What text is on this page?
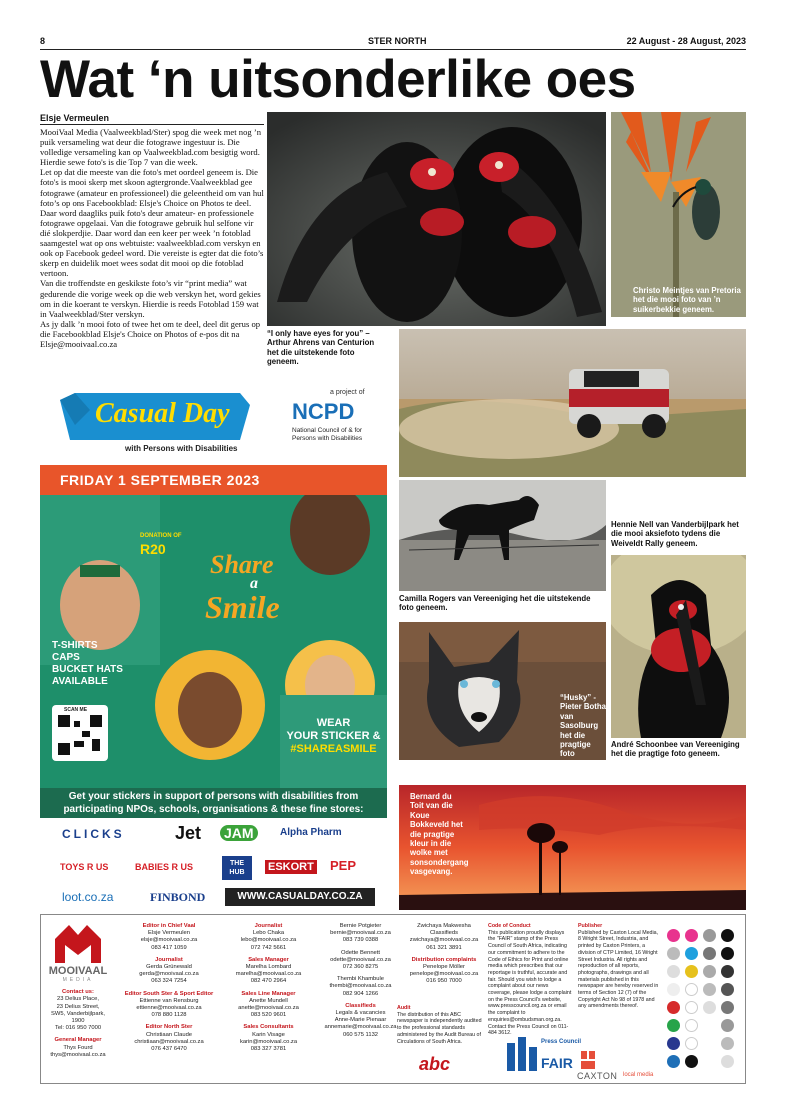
8	STER NORTH	22 August - 28 August, 2023
Wat ‘n uitsonderlike oes
Elsje Vermeulen

MooiVaal Media (Vaalweekblad/Ster) spog die week met nog ’n puik versameling wat deur die fotograwe ingestuur is. Die volledige versameling kan op Vaalweekblad.com besigtig word. Hierdie sewe foto's is die Top 7 van die week.

Let op dat die meeste van die foto's met oordeel geneem is. Die foto's is mooi skerp met skoon agtergronde.Vaalweekblad gee fotograwe (amateur en professioneel) die geleentheid om van hul foto’s op ons Facebookblad: Elsje's Choice on Photos te deel. Daar word daagliks puik foto's deur amateur- en professionele fotograwe opgelaai. Van die fotograwe gebruik hul selfone vir dié slokperdjie. Daar word dan een keer per week ’n fotoblad saamgestel wat op ons webtuiste: vaalweekblad.com verskyn en ook op Facebook gedeel word. Die vereiste is egter dat die foto’s skerp en duidelik moet wees sodat dit mooi op die fotoblad vertoon.

Van die troffendste en geskikste foto’s vir “print media” wat gedurende die vorige week op die web verskyn het, word gekies om in die koerant te verskyn. Hierdie is reeds Fotoblad 159 wat in Vaalweekblad/Ster verskyn.

As jy dalk ’n mooi foto of twee het om te deel, deel dit gerus op die Facebookblad Elsje's Choice on Photos of e-pos dit na Elsje@mooivaal.co.za

“I only have eyes for you” – Arthur Ahrens van Centurion het die uitstekende foto geneem.
Christo Meintjes van Pretoria het die mooi foto van ’n suikerbekkie geneem.
Hennie Nell van Vanderbijlpark het die mooi aksiefoto tydens die Weiveldt Rally geneem.
Camilla Rogers van Vereeniging het die uitstekende foto geneem.
“Husky” - Pieter Botha van Sasolburg het die pragtige foto geneem.
André Schoonbee van Vereeniging het die pragtige foto geneem.
Bernard du Toit van die Koue Bokkeveld het die pragtige kleur in die wolke met sonsondergang vasgevang.
Casual Day
with Persons with Disabilities
a project of
NCPD
National Council of & for Persons with Disabilities
FRIDAY 1 SEPTEMBER 2023
DONATION OF
R20
Share
a
Smile
T-SHIRTS
CAPS
BUCKET HATS
AVAILABLE
SCAN ME
WEAR
YOUR STICKER &
#SHAREASMILE
Get your stickers in support of persons with disabilities from participating NPOs, schools, organisations & these fine stores:
CLICKS	Jet JAM	Alpha Pharm
TOYS R US	BABIES R US	THE HUB	ESKORT PEP
loot.co.za	FINBOND	WWW.CASUALDAY.CO.ZA
MOOIVAAL
MEDIA
Contact us:
23 Delius Place,
23 Delius Street,
SW5, Vanderbijlpark,
1900
Tel: 016 950 7000
General Manager
Thys Fourd
thys@mooivaal.co.za
Editor in Chief Vaal
Elsje Vermeulen
elsje@mooivaal.co.za
083 417 1059
Journalist
Gerda Grünewald
gerda@mooivaal.co.za
063 324 7254
Editor South Ster & Sport Editor
Ettienne van Rensburg
ettienne@mooivaal.co.za
078 880 1128
Editor North Ster
Christiaan Claude
christiaan@mooivaal.co.za
076 437 6470
Journalist
Lebo Chaka
lebo@mooivaal.co.za
072 742 5661
Sales Manager
Marelha Lombard
marelha@mooivaal.co.za
082 470 2964
Sales Line Manager
Anette Mundell
anette@mooivaal.co.za
083 520 9601
Sales Consultants
Karin Visage
karin@mooivaal.co.za
083 327 3781
Bernie Potgieter
bernie@mooivaal.co.za
083 739 0388
Odette Bennett
odette@mooivaal.co.za
072 360 8275
Thembi Khambule
thembi@mooivaal.co.za
082 904 1266
Classifieds
Legals & vacancies
Anne-Marie Pienaar
annemarie@mooivaal.co.za
060 575 1132
Zwichaya Makwesha
Classifieds
zwichaya@mooivaal.co.za
061 321 3891
Distribution complaints
Penelope Möller
penelope@mooivaal.co.za
016 950 7000
Audit
The distribution of this ABC newspaper is independently audited to the professional standards administered by the Audit Bureau of Circulations of South Africa.
abc
Code of Conduct
This publication proudly displays the "FAIR" stamp of the Press Council of South Africa, indicating our commitment to adhere to the Code of Ethics for Print and online media which prescribes that our reportage is truthful, accurate and fair. Should you wish to lodge a complaint about our news coverage, please lodge a complaint on the Press Council's website, www.presscouncil.org.za or email the complaint to enquiries@ombudsman.org.za. Contact the Press Council on 011-484 3612.
Publisher
Published by Caxton Local Media, 8 Wright Street, Industria, and printed by Caxton Printers, a division of CTP Limited, 16 Wright Street Industria. All rights and reproduction of all reports, photographs, drawings and all materials published in this newspaper are hereby reserved in terms of Section 12 (7) of the Copyright Act No 98 of 1978 and any amendments thereof.
Press Council
FAIR
CAXTON local media
